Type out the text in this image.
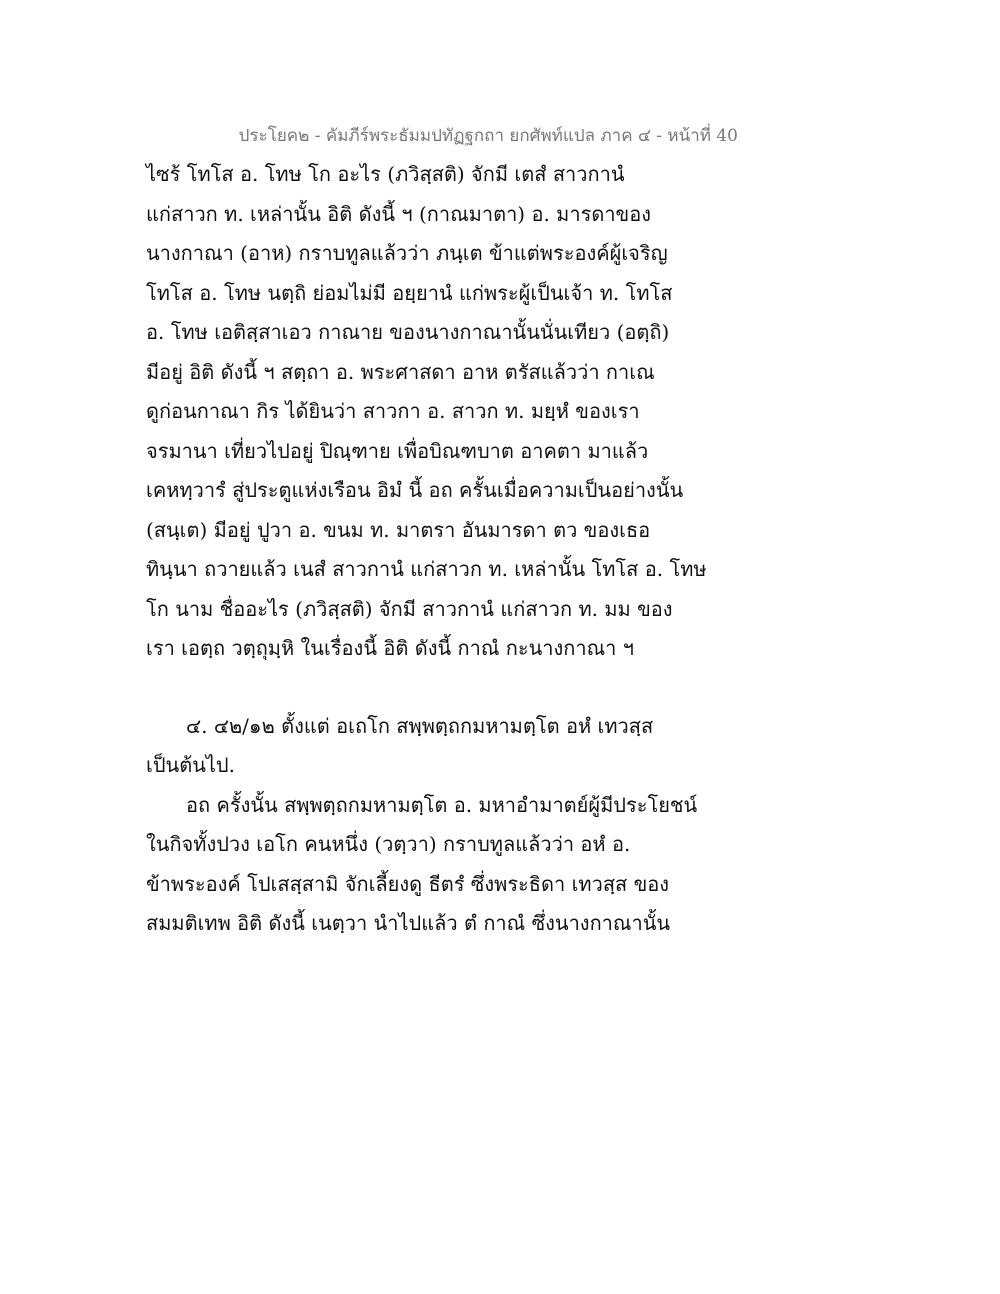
ประโยค๒ - คัมภีร์พระธัมมปทัฏฐกถา ยกศัพท์แปล ภาค ๔ - หน้าที่ 40
ไซร้ โทโส อ. โทษ โก อะไร (ภวิสฺสติ) จักมี เตสํ สาวกานํ
แก่สาวก ท. เหล่านั้น อิติ ดังนี้ ฯ (กาณมาตา) อ. มารดาของ
นางกาณา (อาห) กราบทูลแล้วว่า ภนฺเต ข้าแต่พระองค์ผู้เจริญ
โทโส อ. โทษ นตฺถิ ย่อมไม่มี อยฺยานํ แก่พระผู้เป็นเจ้า ท. โทโส
อ. โทษ เอติสฺสาเอว กาณาย ของนางกาณานั้นนั่นเทียว (อตฺถิ)
มีอยู่ อิติ ดังนี้ ฯ สตฺถา อ. พระศาสดา อาห ตรัสแล้วว่า กาเณ
ดูก่อนกาณา กิร ได้ยินว่า สาวกา อ. สาวก ท. มยฺหํ ของเรา
จรมานา เที่ยวไปอยู่ ปิณฺฑาย เพื่อบิณฑบาต อาคตา มาแล้ว
เคหทฺวารํ สู่ประตูแห่งเรือน อิมํ นี้ อถ ครั้นเมื่อความเป็นอย่างนั้น
(สนฺเต) มีอยู่ ปูวา อ. ขนม ท. มาตรา อันมารดา ตว ของเธอ
ทินฺนา ถวายแล้ว เนสํ สาวกานํ แก่สาวก ท. เหล่านั้น โทโส อ. โทษ
โก นาม ชื่ออะไร (ภวิสฺสติ) จักมี สาวกานํ แก่สาวก ท. มม ของ
เรา เอตฺถ วตฺถุมฺหิ ในเรื่องนี้ อิติ ดังนี้ กาณํ กะนางกาณา ฯ
๔. ๔๒/๑๒ ตั้งแต่ อเถโก สพฺพตฺถกมหามตฺโต อหํ เทวสฺส
เป็นต้นไป.
อถ ครั้งนั้น สพฺพตฺถกมหามตฺโต อ. มหาอำมาตย์ผู้มีประโยชน์
ในกิจทั้งปวง เอโก คนหนึ่ง (วตฺวา) กราบทูลแล้วว่า อหํ อ.
ข้าพระองค์ โปเสสฺสามิ จักเลี้ยงดู ธีตรํ ซึ่งพระธิดา เทวสฺส ของ
สมมติเทพ อิติ ดังนี้ เนตฺวา นำไปแล้ว ตํ กาณํ ซึ่งนางกาณานั้น
